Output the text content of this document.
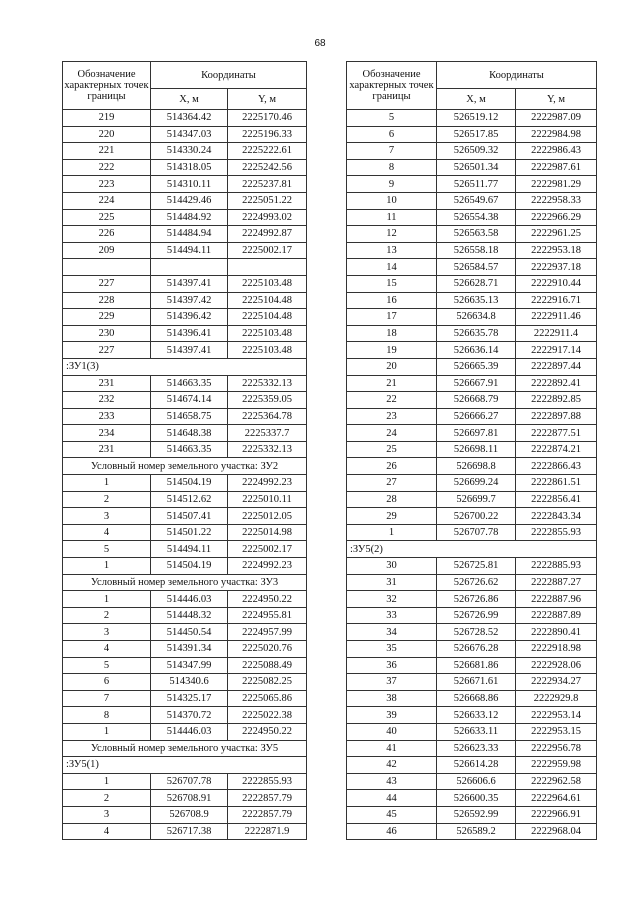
68
Обозначение характерных точек границы	Координаты	
	X, м	Y, м
219	514364.42	2225170.46
220	514347.03	2225196.33
221	514330.24	2225222.61
222	514318.05	2225242.56
223	514310.11	2225237.81
224	514429.46	2225051.22
225	514484.92	2224993.02
226	514484.94	2224992.87
209	514494.11	2225002.17

227	514397.41	2225103.48
228	514397.42	2225104.48
229	514396.42	2225104.48
230	514396.41	2225103.48
227	514397.41	2225103.48
:ЗУ1(3)		
231	514663.35	2225332.13
232	514674.14	2225359.05
233	514658.75	2225364.78
234	514648.38	2225337.7
231	514663.35	2225332.13
Условный номер земельного участка: ЗУ2		
1	514504.19	2224992.23
2	514512.62	2225010.11
3	514507.41	2225012.05
4	514501.22	2225014.98
5	514494.11	2225002.17
1	514504.19	2224992.23
Условный номер земельного участка: ЗУ3		
1	514446.03	2224950.22
2	514448.32	2224955.81
3	514450.54	2224957.99
4	514391.34	2225020.76
5	514347.99	2225088.49
6	514340.6	2225082.25
7	514325.17	2225065.86
8	514370.72	2225022.38
1	514446.03	2224950.22
Условный номер земельного участка: ЗУ5		
:ЗУ5(1)		
1	526707.78	2222855.93
2	526708.91	2222857.79
3	526708.9	2222857.79
4	526717.38	2222871.9
Обозначение характерных точек границы	Координаты	
	X, м	Y, м
5	526519.12	2222987.09
6	526517.85	2222984.98
7	526509.32	2222986.43
8	526501.34	2222987.61
9	526511.77	2222981.29
10	526549.67	2222958.33
11	526554.38	2222966.29
12	526563.58	2222961.25
13	526558.18	2222953.18
14	526584.57	2222937.18
15	526628.71	2222910.44
16	526635.13	2222916.71
17	526634.8	2222911.46
18	526635.78	2222911.4
19	526636.14	2222917.14
20	526665.39	2222897.44
21	526667.91	2222892.41
22	526668.79	2222892.85
23	526666.27	2222897.88
24	526697.81	2222877.51
25	526698.11	2222874.21
26	526698.8	2222866.43
27	526699.24	2222861.51
28	526699.7	2222856.41
29	526700.22	2222843.34
1	526707.78	2222855.93
:ЗУ5(2)		
30	526725.81	2222885.93
31	526726.62	2222887.27
32	526726.86	2222887.96
33	526726.99	2222887.89
34	526728.52	2222890.41
35	526676.28	2222918.98
36	526681.86	2222928.06
37	526671.61	2222934.27
38	526668.86	2222929.8
39	526633.12	2222953.14
40	526633.11	2222953.15
41	526623.33	2222956.78
42	526614.28	2222959.98
43	526606.6	2222962.58
44	526600.35	2222964.61
45	526592.99	2222966.91
46	526589.2	2222968.04
